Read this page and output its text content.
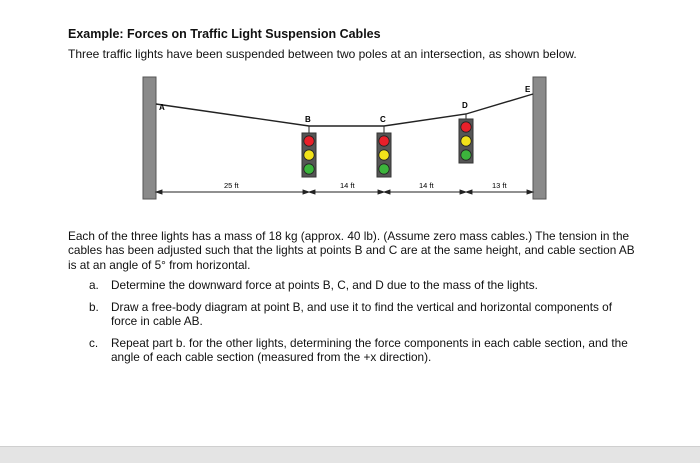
Example: Forces on Traffic Light Suspension Cables
Three traffic lights have been suspended between two poles at an intersection, as shown below.
A
B	C
D
E
25 ft	14 ft	14 ft	13 ft
Each of the three lights has a mass of 18 kg (approx. 40 lb). (Assume zero mass cables.) The tension in the cables has been adjusted such that the lights at points B and C are at the same height, and cable section AB is at an angle of 5° from horizontal.
a. Determine the downward force at points B, C, and D due to the mass of the lights.
b. Draw a free-body diagram at point B, and use it to find the vertical and horizontal components of force in cable AB.
c. Repeat part b. for the other lights, determining the force components in each cable section, and the angle of each cable section (measured from the +x direction).
